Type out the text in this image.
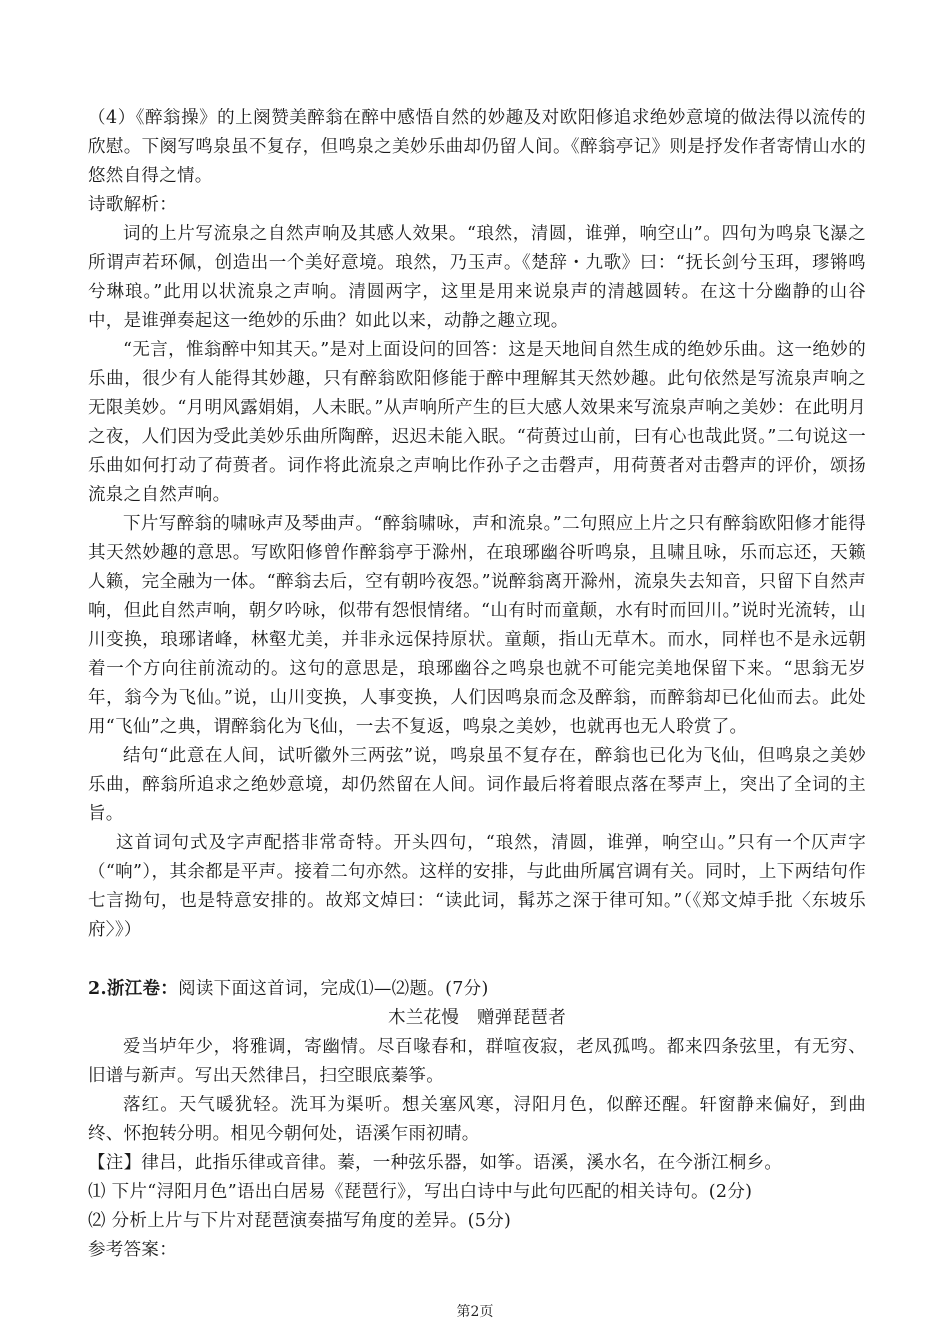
（4）《醉翁操》的上阕赞美醉翁在醉中感悟自然的妙趣及对欧阳修追求绝妙意境的做法得以流传的欣慰。下阕写鸣泉虽不复存，但鸣泉之美妙乐曲却仍留人间。《醉翁亭记》则是抒发作者寄情山水的悠然自得之情。

诗歌解析：

词的上片写流泉之自然声响及其感人效果。“琅然，清圆，谁弹，响空山”。四句为鸣泉飞瀑之所谓声若环佩，创造出一个美好意境。琅然，乃玉声。《楚辞・九歌》曰：“抚长剑兮玉珥，璆锵鸣兮琳琅。”此用以状流泉之声响。清圆两字，这里是用来说泉声的清越圆转。在这十分幽静的山谷中，是谁弹奏起这一绝妙的乐曲？如此以来，动静之趣立现。

“无言，惟翁醉中知其天。”是对上面设问的回答：这是天地间自然生成的绝妙乐曲。这一绝妙的乐曲，很少有人能得其妙趣，只有醉翁欧阳修能于醉中理解其天然妙趣。此句依然是写流泉声响之无限美妙。“月明风露娟娟，人未眠。”从声响所产生的巨大感人效果来写流泉声响之美妙：在此明月之夜，人们因为受此美妙乐曲所陶醉，迟迟未能入眠。“荷蒉过山前，曰有心也哉此贤。”二句说这一乐曲如何打动了荷蒉者。词作将此流泉之声响比作孙子之击磬声，用荷蒉者对击磬声的评价，颂扬流泉之自然声响。

下片写醉翁的啸咏声及琴曲声。“醉翁啸咏，声和流泉。”二句照应上片之只有醉翁欧阳修才能得其天然妙趣的意思。写欧阳修曾作醉翁亭于滁州，在琅琊幽谷听鸣泉，且啸且咏，乐而忘还，天籁人籁，完全融为一体。“醉翁去后，空有朝吟夜怨。”说醉翁离开滁州，流泉失去知音，只留下自然声响，但此自然声响，朝夕吟咏，似带有怨恨情绪。“山有时而童颠，水有时而回川。”说时光流转，山川变换，琅琊诸峰，林壑尤美，并非永远保持原状。童颠，指山无草木。而水，同样也不是永远朝着一个方向往前流动的。这句的意思是，琅琊幽谷之鸣泉也就不可能完美地保留下来。“思翁无岁年，翁今为飞仙。”说，山川变换，人事变换，人们因鸣泉而念及醉翁，而醉翁却已化仙而去。此处用“飞仙”之典，谓醉翁化为飞仙，一去不复返，鸣泉之美妙，也就再也无人聆赏了。

结句“此意在人间，试听徽外三两弦”说，鸣泉虽不复存在，醉翁也已化为飞仙，但鸣泉之美妙乐曲，醉翁所追求之绝妙意境，却仍然留在人间。词作最后将着眼点落在琴声上，突出了全词的主旨。

这首词句式及字声配搭非常奇特。开头四句，“琅然，清圆，谁弹，响空山。”只有一个仄声字（“响”），其余都是平声。接着二句亦然。这样的安排，与此曲所属宫调有关。同时，上下两结句作七言拗句，也是特意安排的。故郑文焯曰：“读此词，髯苏之深于律可知。”（《郑文焯手批〈东坡乐府〉》）

2.浙江卷：阅读下面这首词，完成⑴—⑵题。(7分)

木兰花慢　赠弹琵琶者

爱当垆年少，将雅调，寄幽情。尽百喙春和，群喧夜寂，老凤孤鸣。都来四条弦里，有无穷、旧谱与新声。写出天然律吕，扫空眼底蓁筝。

落红。天气暖犹轻。洗耳为渠听。想关塞风寒，浔阳月色，似醉还醒。轩窗静来偏好，到曲终、怀抱转分明。相见今朝何处，语溪乍雨初晴。

【注】律吕，此指乐律或音律。蓁，一种弦乐器，如筝。语溪，溪水名，在今浙江桐乡。

⑴ 下片“浔阳月色”语出白居易《琵琶行》，写出白诗中与此句匹配的相关诗句。(2分)

⑵ 分析上片与下片对琵琶演奏描写角度的差异。(5分)

参考答案：

第2页
